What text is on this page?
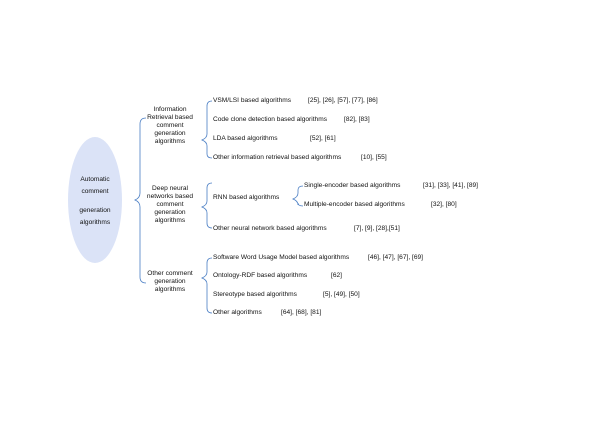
Automatic
comment
generation
algorithms
Information
Retrieval based
comment
generation
algorithms
VSM/LSI based algorithms	[25], [26], [57], [77], [86]
Code clone detection based algorithms	[82], [83]
LDA based algorithms	[52], [61]
Other information retrieval based algorithms	[10], [55]
Deep neural
networks based
comment
generation
algorithms
RNN based algorithms
Single-encoder based algorithms	[31], [33], [41], [89]
Multiple-encoder based algorithms	[32], [80]
Other neural network based algorithms	[7], [9], [28],[51]
Other comment
generation
algorithms
Software Word Usage Model based algorithms	[46], [47], [67], [69]
Ontology-RDF based algorithms	[62]
Stereotype based algorithms	[5], [49], [50]
Other algorithms	[64], [68], [81]
